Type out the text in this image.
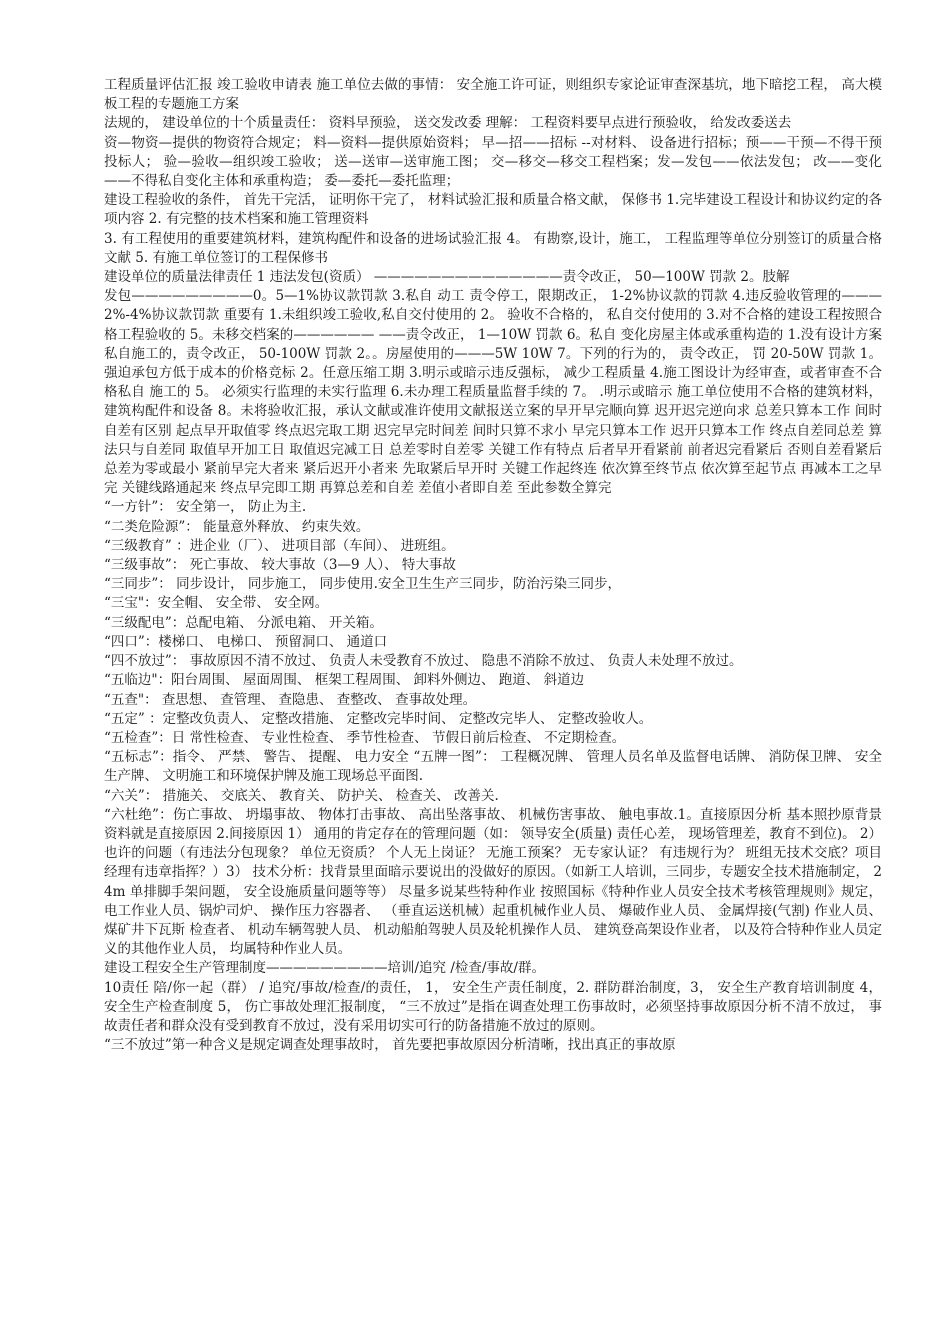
工程质量评估汇报 竣工验收申请表 施工单位去做的事情： 安全施工许可证，则组织专家论证审查深基坑，地下暗挖工程， 高大模板工程的专题施工方案

法规的， 建设单位的十个质量责任： 资料早预验， 送交发改委 理解： 工程资料要早点进行预验收， 给发改委送去

资—物资—提供的物资符合规定； 料—资料—提供原始资料； 早—招——招标 --对材料、 设备进行招标；预——干预—不得干预投标人； 验—验收—组织竣工验收； 送—送审—送审施工图； 交—移交—移交工程档案；发—发包——依法发包； 改——变化——不得私自变化主体和承重构造； 委—委托—委托监理；

建设工程验收的条件， 首先干完活， 证明你干完了， 材料试验汇报和质量合格文献， 保修书 1.完毕建设工程设计和协议约定的各项内容 2. 有完整的技术档案和施工管理资料

3. 有工程使用的重要建筑材料，建筑构配件和设备的进场试验汇报 4。 有勘察,设计，施工， 工程监理等单位分别签订的质量合格文献 5. 有施工单位签订的工程保修书

建设单位的质量法律责任 1 违法发包(资质） ——————————————责令改正， 50—100W 罚款 2。肢解

发包—————————0。5—1%协议款罚款 3.私自 动工 责令停工，限期改正， 1-2%协议款的罚款 4.违反验收管理的———2%-4%协议款罚款 重要有 1.未组织竣工验收,私自交付使用的 2。 验收不合格的， 私自交付使用的 3.对不合格的建设工程按照合格工程验收的 5。未移交档案的—————— ——责令改正， 1—10W 罚款 6。私自 变化房屋主体或承重构造的 1.没有设计方案私自施工的，责令改正， 50-100W 罚款 2。。房屋使用的———5W 10W 7。下列的行为的， 责令改正， 罚 20-50W 罚款 1。强迫承包方低于成本的价格竞标 2。任意压缩工期 3.明示或暗示违反强标， 减少工程质量 4.施工图设计为经审查，或者审查不合格私自 施工的 5。 必须实行监理的未实行监理 6.未办理工程质量监督手续的 7。 .明示或暗示 施工单位使用不合格的建筑材料， 建筑构配件和设备 8。未将验收汇报，承认文献或准许使用文献报送立案的早开早完顺向算 迟开迟完逆向求 总差只算本工作 间时自差有区别 起点早开取值零 终点迟完取工期 迟完早完时间差 间时只算不求小 早完只算本工作 迟开只算本工作 终点自差同总差 算法只与自差同 取值早开加工日 取值迟完减工日 总差零时自差零 关键工作有特点 后者早开看紧前 前者迟完看紧后 否则自差看紧后 总差为零或最小 紧前早完大者来 紧后迟开小者来 先取紧后早开时 关键工作起终连 依次算至终节点 依次算至起节点 再减本工之早完 关键线路通起来 终点早完即工期 再算总差和自差 差值小者即自差 至此参数全算完

“一方针”： 安全第一， 防止为主.

“二类危险源”： 能量意外释放、 约束失效。

“三级教育” ：进企业（厂）、 进项目部（车间）、 进班组。

“三级事故”： 死亡事故、 较大事故（3—9 人）、 特大事故

“三同步”： 同步设计， 同步施工， 同步使用.安全卫生生产三同步，防治污染三同步，

“三宝"：安全帽、 安全带、 安全网。

“三级配电”：总配电箱、 分派电箱、 开关箱。

“四口”：楼梯口、 电梯口、 预留洞口、 通道口

“四不放过”： 事故原因不清不放过、 负责人未受教育不放过、 隐患不消除不放过、 负责人未处理不放过。

“五临边"：阳台周围、 屋面周围、 框架工程周围、 卸料外侧边、 跑道、 斜道边

“五查"： 查思想、 查管理、 查隐患、 查整改、 查事故处理。

“五定” ：定整改负责人、 定整改措施、 定整改完毕时间、 定整改完毕人、 定整改验收人。

“五检查”：日 常性检查、 专业性检查、 季节性检查、 节假日前后检查、 不定期检查。

“五标志”：指令、 严禁、 警告、 提醒、 电力安全 “五牌一图”： 工程概况牌、 管理人员名单及监督电话牌、 消防保卫牌、 安全生产牌、 文明施工和环境保护牌及施工现场总平面图.

“六关”： 措施关、 交底关、 教育关、 防护关、 检查关、 改善关.

“六杜绝”：伤亡事故、 坍塌事故、 物体打击事故、 高出坠落事故、 机械伤害事故、 触电事故.1。直接原因分析 基本照抄原背景资料就是直接原因 2.间接原因 1） 通用的肯定存在的管理问题（如： 领导安全(质量) 责任心差， 现场管理差，教育不到位)。 2） 也许的问题（有违法分包现象？ 单位无资质？ 个人无上岗证？ 无施工预案？ 无专家认证？ 有违规行为？ 班组无技术交底？项目经理有违章指挥？）3） 技术分析：找背景里面暗示要说出的没做好的原因。（如新工人培训，三同步，专题安全技术措施制定， 24m 单排脚手架问题， 安全设施质量问题等等） 尽量多说某些特种作业 按照国标《特种作业人员安全技术考核管理规则》规定， 电工作业人员、锅炉司炉、 操作压力容器者、 （垂直运送机械）起重机械作业人员、 爆破作业人员、 金属焊接(气割) 作业人员、 煤矿井下瓦斯 检查者、 机动车辆驾驶人员、 机动船舶驾驶人员及轮机操作人员、 建筑登高架设作业者， 以及符合特种作业人员定义的其他作业人员， 均属特种作业人员。

建设工程安全生产管理制度—————————培训/追究 /检查/事故/群。

10责任 陪/你一起（群） / 追究/事故/检查/的责任， 1， 安全生产责任制度，2. 群防群治制度，3， 安全生产教育培训制度 4， 安全生产检查制度 5， 伤亡事故处理汇报制度， “三不放过”是指在调查处理工伤事故时，必须坚持事故原因分析不清不放过， 事故责任者和群众没有受到教育不放过，没有采用切实可行的防备措施不放过的原则。

“三不放过”第一种含义是规定调查处理事故时， 首先要把事故原因分析清晰，找出真正的事故原
